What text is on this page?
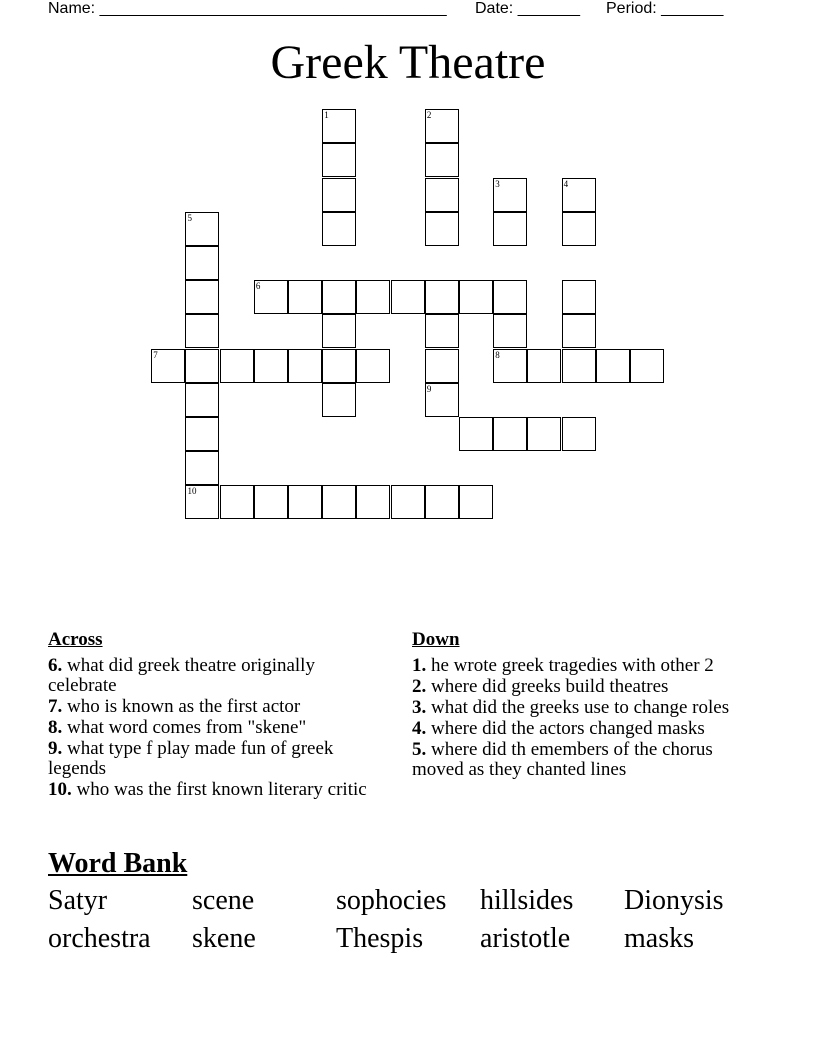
Name: _______________________________________ Date: _______ Period: _______
Greek Theatre
1	2
9
3	4
5
10
6
7	8
Across
6. what did greek theatre originally celebrate
7. who is known as the first actor
8. what word comes from "skene"
9. what type f play made fun of greek legends
10. who was the first known literary critic
Down
1. he wrote greek tragedies with other 2
2. where did greeks build theatres
3. what did the greeks use to change roles
4. where did the actors changed masks
5. where did th emembers of the chorus moved as they chanted lines
Word Bank
Satyr	scene	sophocies hillsides Dionysis
orchestra skene	Thespis aristotle masks
